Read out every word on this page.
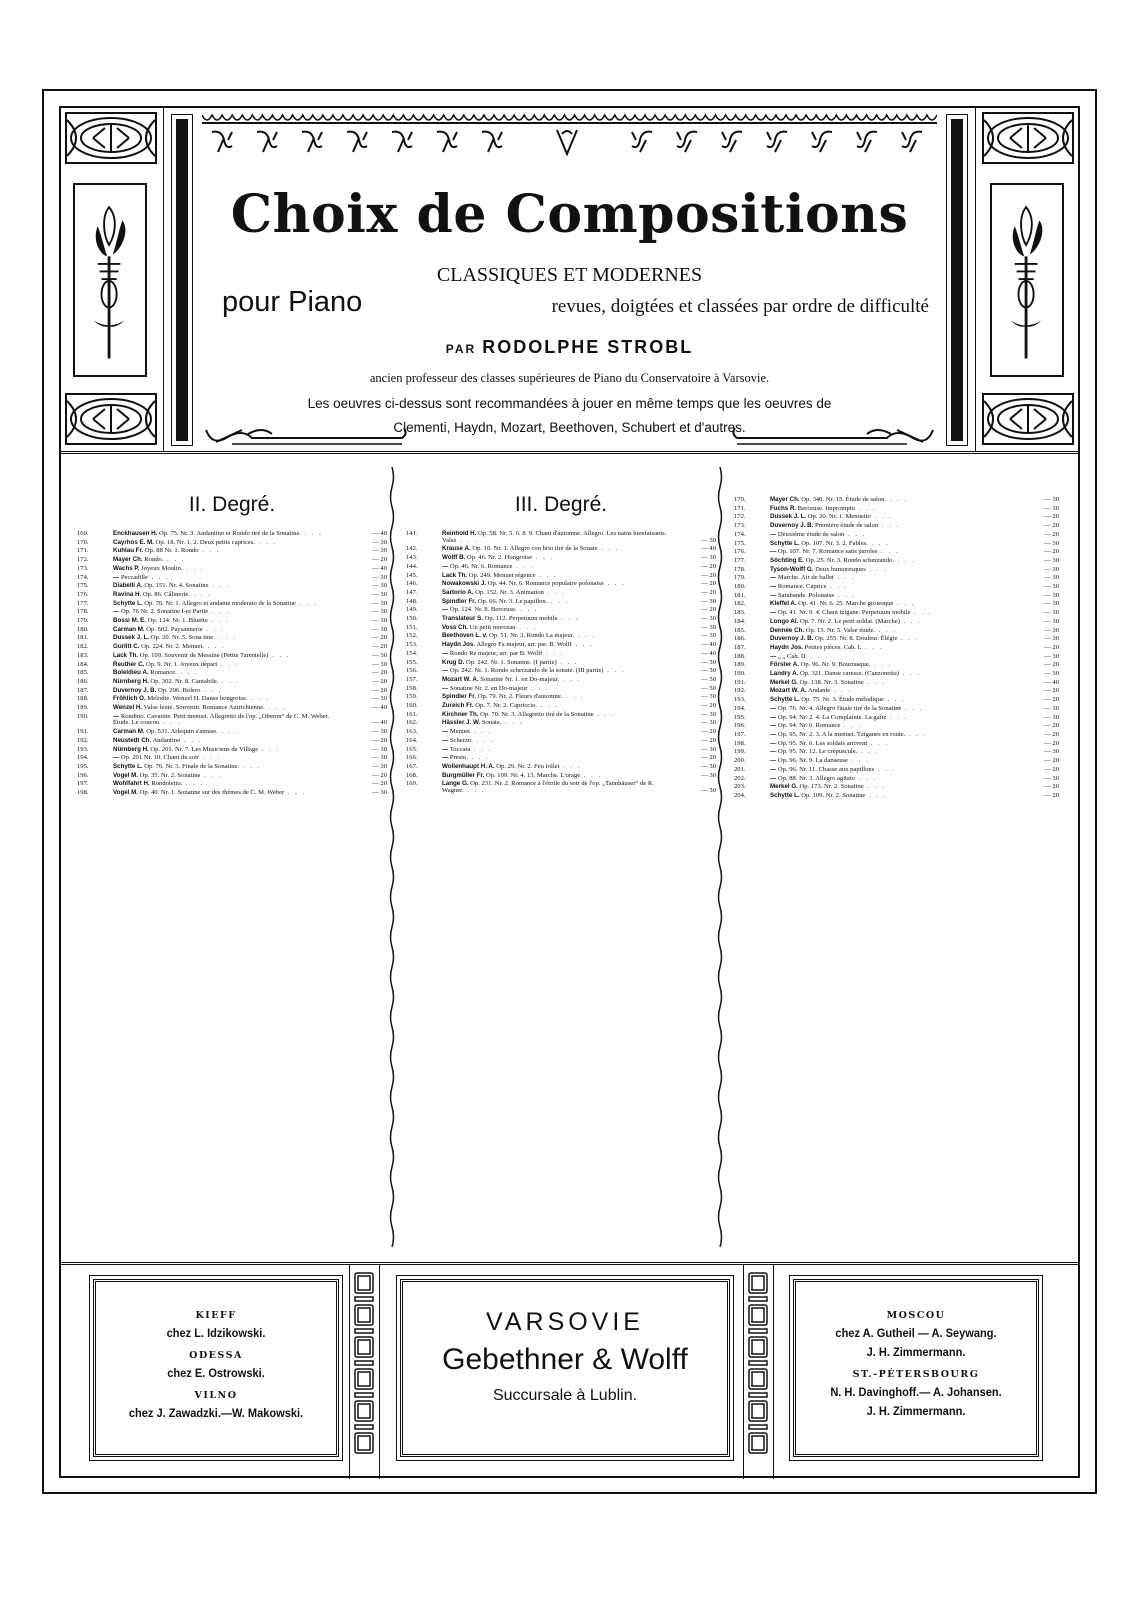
Choix de Compositions
CLASSIQUES ET MODERNES
pour Piano	revues, doigtées et classées par ordre de difficulté
PAR RODOLPHE STROBL
ancien professeur des classes supérieures de Piano du Conservatoire à Varsovie.
Les oeuvres ci-dessus sont recommandées à jouer en même temps que les oeuvres de
Clementi, Haydn, Mozart, Beethoven, Schubert et d'autres.
II. Degré.
169.	Enckhausen H. Op. 75. Nr. 3. Andantino et Rondo tiré de la Sonatine. . . .	— 40
170.	Cayrhos E. M. Op. 18. Nr. 1. 2. Deux petits caprices. . . .	— 30
171.	Kuhlau Fr. Op. 88 Nr. 1. Rondo . . .	— 30
172.	Mayer Ch. Rondo. . . .	— 20
173.	Wachs P. Joyeux Moulin. . . .	— 40
174.	— Peccadille . . .	— 30
175.	Diabelli A. Op. 151. Nr. 4. Sonatine . . .	— 30
176.	Ravina H. Op. 86. Câlinerie. . . .	— 30
177.	Schytte L. Op. 76. Nr. 1. Allegro et andante moderato de la Sonatine . . .	— 30
178.	— Op. 76 Nr. 2. Sonatine I-re Partie . . .	— 30
179.	Bossi M. E. Op. 124. Nr. 1. Bluette . . .	— 30
180.	Carman M. Op. 502. Paysannerie . . .	— 30
181.	Dussek J. L. Op. 20. Nr. 5. Sona tine. . . .	— 20
182.	Gurlitt C. Op. 224. Nr. 2. Menuet. . . .	— 20
183.	Lack Th. Op. 109. Souvenir de Messine (Petite Tarentelle) . . .	— 30
184.	Reuther C. Op. 9. Nr. 1. Joyeux départ . . .	— 30
185.	Boïeldieu A. Romance. . . .	— 20
186.	Nürnberg H. Op. 302. Nr. 8. Cantabile. . . .	— 20
187.	Duvernoy J. B. Op. 296. Bolero . . .	— 20
188.	Fröhlich O. Melodie. Wenzel H. Danse hongroise. . . .	— 30
189.	Wenzel H. Valse lente. Souvenir. Romance Autrichienne. . . .	— 40
190.	— Rondino. Cavatine. Petit menuet. Allegretto de l'op. „Oberon“ de C. M. Weber. Étude. Le coucou . . .	— 40
191.	Carman M. Op. 531. Arlequin s'amuse. . . .	— 30
192.	Neustedt Ch. Andantino . . .	— 20
193.	Nürnberg H. Op. 201. Nr. 7. Les Musiciens de Village . . .	— 30
194.	— Op. 201 Nr. 10. Chant du soir . . .	— 30
195.	Schytte L. Op. 76. Nr. 3. Finale de la Sonatine. . . .	— 30
196.	Vogel M. Op. 35. Nr. 2. Sonatine . . .	— 20
197.	Wohlfahrt H. Rondoletto. . . .	— 20
198.	Vogel M. Op. 40. Nr. 1. Sonatine sur des thèmes de C. M. Weber . . .	— 30
III. Degré.
141.	Reinhold H. Op. 58. Nr. 5. 6. 8. 9. Chant d'automne. Allegro. Les nains bienfaisants. Valse . . .	— 30
142.	Krause A. Op. 10. Nr. 1. Allegro con brio tiré de la Sonate . . .	— 40
143.	Wolff B. Op. 46. Nr. 2. Hongroise . . .	— 30
144.	— Op. 46. Nr. 6. Romance . . .	— 20
145.	Lack Th. Op. 249. Menuet régence . . .	— 20
146.	Nowakowski J. Op. 44. Nr. 6. Romance populaire polonaise . . .	— 20
147.	Sartorio A. Op. 152. Nr. 3. Animation . . .	— 20
148.	Spindler Fr. Op. 66. Nr. 3. Le papillon. . . .	— 30
149.	— Op. 124. Nr. 8. Berceuse. . . .	— 20
150.	Translateur S. Op. 112. Perpetuum mobile . . .	— 30
151.	Voss Ch. Un petit morceau . . .	— 30
152.	Beethoven L. v. Op. 51. Nr. 3. Rondo La majeur. . . .	— 30
153.	Haydn Jos. Allegro Fa majeur, arr. par. B. Wolff . . .	— 40
154.	— Rondo Re majeur, arr. par B. Wolff . . .	— 40
155.	Krug D. Op. 242. Nr. 1. Sonatine. (I partie) . . .	— 30
156.	— Op. 242. Nr. 1. Rondo scherzando de la sonate. (III partie) . . .	— 30
157.	Mozart W. A. Sonatine Nr. 1. en Do-majeur. . . .	— 50
158.	— Sonatine Nr. 2. en Do-majeur . . .	— 50
159.	Spindler Fr. Op. 79. Nr. 2. Fleurs d'automne. . . .	— 30
160.	Zureich Fr. Op. 7. Nr. 2. Capriccio. . . .	— 20
161.	Kirchner Th. Op. 70. Nr. 3. Allegretto tiré de la Sonatine . . .	— 30
162.	Hässler J. W. Sonate. . . .	— 30
163.	— Menuet . . .	— 20
164.	— Scherzo. . . .	— 20
165.	— Toccata . . .	— 30
166.	— Presto. . . .	— 20
167.	Wollenhaupt H. A. Op. 29. Nr. 2. Feu follet . . .	— 30
168.	Burgmüller Fr. Op. 109. Nr. 4. 13. Marche. L'orage . . .	— 30
169.	Lange G. Op. 231. Nr. 2. Romance à l'étoile du soir de l'op. „Tannhäuser“ de R. Wagner. . . .	— 30
170.	Mayer Ch. Op. 340. Nr. 15. Étude de salon. . . .	— 30
171.	Fuchs R. Berceuse. Impromptu . . .	— 30
172.	Dussek J. L. Op. 20. Nr. 1. Menuetto . . .	— 20
173.	Duvernoy J. B. Première étude de salon . . .	— 20
174.	— Deuxième étude de salon . . .	— 20
175.	Schytte L. Op. 107. Nr. 3. 2. Fables. . . .	— 30
176.	— Op. 107. Nr. 7. Romance sans paroles . . .	— 20
177.	Söchting E. Op. 25. Nr. 3. Rondo scherzando. . . .	— 30
178.	Tyson-Wolff G. Deux humoresques . . .	— 30
179.	— Marche. Air de ballet . . .	— 30
180.	— Romance. Caprice . . .	— 30
181.	— Sarabande. Polonaise . . .	— 30
182.	Kleffel A. Op. 41. Nr. 6. 25. Marche grotesque . . .	— 30
183.	— Op. 41. Nr. 9. 4. Chant tzigane. Perpetuum mobile . . .	— 30
184.	Longo Al. Op. 7. Nr. 2. Le petit soldat. (Marche) . . .	— 30
185.	Dennée Ch. Op. 15. Nr. 5. Valse étude. . . .	— 30
186.	Duvernoy J. B. Op. 255. Nr. 8. Douleur. Élégie . . .	— 30
187.	Haydn Jos. Petites pièces. Cah. I. . . .	— 20
188.	— „ „ Cah. II. . . .	— 30
189.	Förster A. Op. 96. Nr. 9. Bourrasque. . . .	— 20
190.	Landry A. Op. 321. Danse caresse. (Canzonetta) . . .	— 30
191.	Merkel G. Op. 138. Nr. 3. Sonatine . . .	— 40
192.	Mozart W. A. Andante . . .	— 20
193.	Schytte L. Op. 75. Nr. 3. Étude mélodique . . .	— 20
194.	— Op. 76. Nr. 4. Allegro finale tiré de la Sonatine . . .	— 30
195.	— Op. 94. Nr. 2. 4. La Complainte. La gaîté . . .	— 30
196.	— Op. 94. Nr. 6. Romance . . .	— 20
197.	— Op. 95. Nr. 2. 3. A la menuet. Tziganes en route. . . .	— 20
198.	— Op. 95. Nr. 6. Les soldats arrivent . . .	— 20
199.	— Op. 95. Nr. 12. Le crépuscule. . . .	— 30
200.	— Op. 96. Nr. 9. La danseuse . . .	— 20
201.	— Op. 96. Nr. 11. Chasse aux papillons . . .	— 20
202.	— Op. 88. Nr. 3. Allegro agitato . . .	— 30
203.	Merkel G. Op. 173. Nr. 2. Sonatine . . .	— 20
204.	Schytte L. Op. 109. Nr. 2. Sonatine . . .	— 20
KIEFF
chez L. Idzikowski.
ODESSA
chez E. Ostrowski.
VILNO
chez J. Zawadzki.—W. Makowski.
VARSOVIE
Gebethner & Wolff
Succursale à Lublin.
MOSCOU
chez A. Gutheil — A. Seywang.
J. H. Zimmermann.
ST.-PÉTERSBOURG
N. H. Davinghoff.— A. Johansen.
J. H. Zimmermann.
